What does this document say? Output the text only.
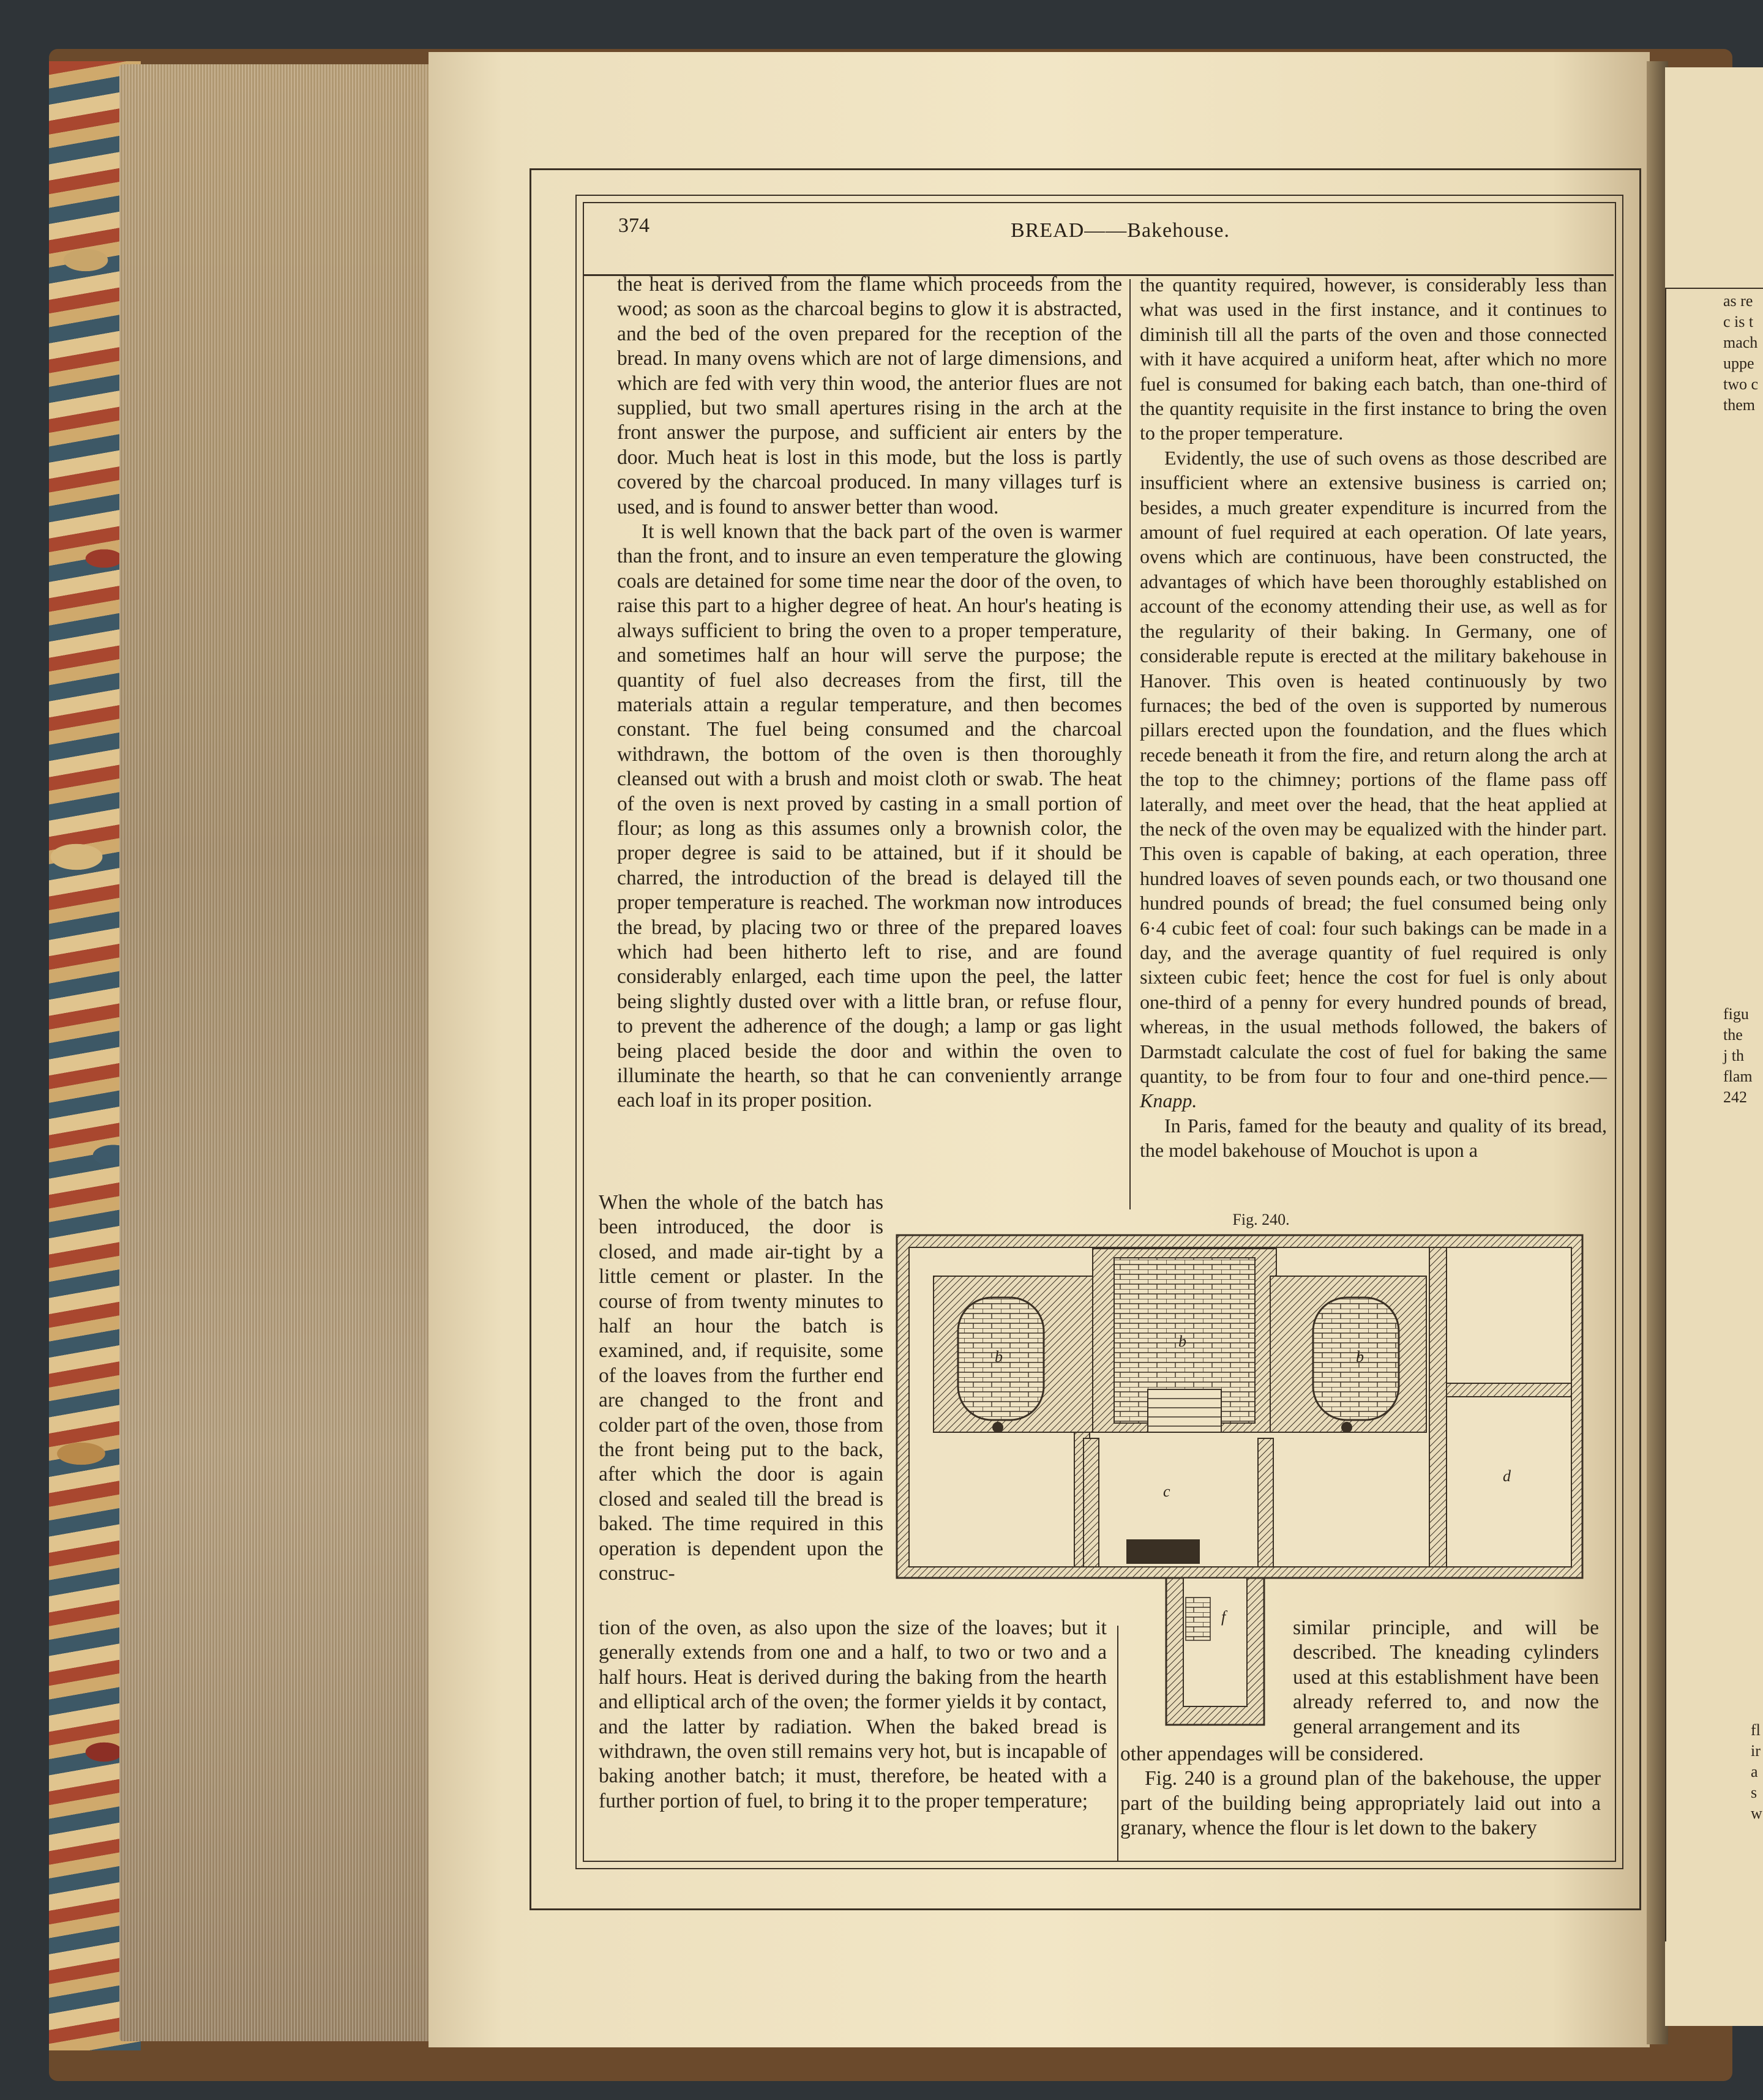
as re
c is t
mach
uppe
two c
them
figu
the
j th
flam
242
fl
ir
a
s
w
374	BREAD——Bakehouse.

the heat is derived from the flame which proceeds from the wood; as soon as the charcoal begins to glow it is abstracted, and the bed of the oven prepared for the reception of the bread. In many ovens which are not of large dimensions, and which are fed with very thin wood, the anterior flues are not supplied, but two small apertures rising in the arch at the front answer the purpose, and sufficient air enters by the door. Much heat is lost in this mode, but the loss is partly covered by the charcoal produced. In many villages turf is used, and is found to answer better than wood.

It is well known that the back part of the oven is warmer than the front, and to insure an even temperature the glowing coals are detained for some time near the door of the oven, to raise this part to a higher degree of heat. An hour's heating is always sufficient to bring the oven to a proper temperature, and sometimes half an hour will serve the purpose; the quantity of fuel also decreases from the first, till the materials attain a regular temperature, and then becomes constant. The fuel being consumed and the charcoal withdrawn, the bottom of the oven is then thoroughly cleansed out with a brush and moist cloth or swab. The heat of the oven is next proved by casting in a small portion of flour; as long as this assumes only a brownish color, the proper degree is said to be attained, but if it should be charred, the introduction of the bread is delayed till the proper temperature is reached. The workman now introduces the bread, by placing two or three of the prepared loaves which had been hitherto left to rise, and are found considerably enlarged, each time upon the peel, the latter being slightly dusted over with a little bran, or refuse flour, to prevent the adherence of the dough; a lamp or gas light being placed beside the door and within the oven to illuminate the hearth, so that he can conveniently arrange each loaf in its proper position.

When the whole of the batch has been introduced, the door is closed, and made air-tight by a little cement or plaster. In the course of from twenty minutes to half an hour the batch is examined, and, if requisite, some of the loaves from the further end are changed to the front and colder part of the oven, those from the front being put to the back, after which the door is again closed and sealed till the bread is baked. The time required in this operation is dependent upon the construc-

tion of the oven, as also upon the size of the loaves; but it generally extends from one and a half, to two or two and a half hours. Heat is derived during the baking from the hearth and elliptical arch of the oven; the former yields it by contact, and the latter by radiation. When the baked bread is withdrawn, the oven still remains very hot, but is incapable of baking another batch; it must, therefore, be heated with a further portion of fuel, to bring it to the proper temperature;

the quantity required, however, is considerably less than what was used in the first instance, and it continues to diminish till all the parts of the oven and those connected with it have acquired a uniform heat, after which no more fuel is consumed for baking each batch, than one-third of the quantity requisite in the first instance to bring the oven to the proper temperature.

Evidently, the use of such ovens as those described are insufficient where an extensive business is carried on; besides, a much greater expenditure is incurred from the amount of fuel required at each operation. Of late years, ovens which are continuous, have been constructed, the advantages of which have been thoroughly established on account of the economy attending their use, as well as for the regularity of their baking. In Germany, one of considerable repute is erected at the military bakehouse in Hanover. This oven is heated continuously by two furnaces; the bed of the oven is supported by numerous pillars erected upon the foundation, and the flues which recede beneath it from the fire, and return along the arch at the top to the chimney; portions of the flame pass off laterally, and meet over the head, that the heat applied at the neck of the oven may be equalized with the hinder part. This oven is capable of baking, at each operation, three hundred loaves of seven pounds each, or two thousand one hundred pounds of bread; the fuel consumed being only 6·4 cubic feet of coal: four such bakings can be made in a day, and the average quantity of fuel required is only sixteen cubic feet; hence the cost for fuel is only about one-third of a penny for every hundred pounds of bread, whereas, in the usual methods followed, the bakers of Darmstadt calculate the cost of fuel for baking the same quantity, to be from four to four and one-third pence.—Knapp.

In Paris, famed for the beauty and quality of its bread, the model bakehouse of Mouchot is upon a

similar principle, and will be described. The kneading cylinders used at this establishment have been already referred to, and now the general arrangement and its

other appendages will be considered.

Fig. 240 is a ground plan of the bakehouse, the upper part of the building being appropriately laid out into a granary, whence the flour is let down to the bakery

Fig. 240.
b
b
b
c
d
f
